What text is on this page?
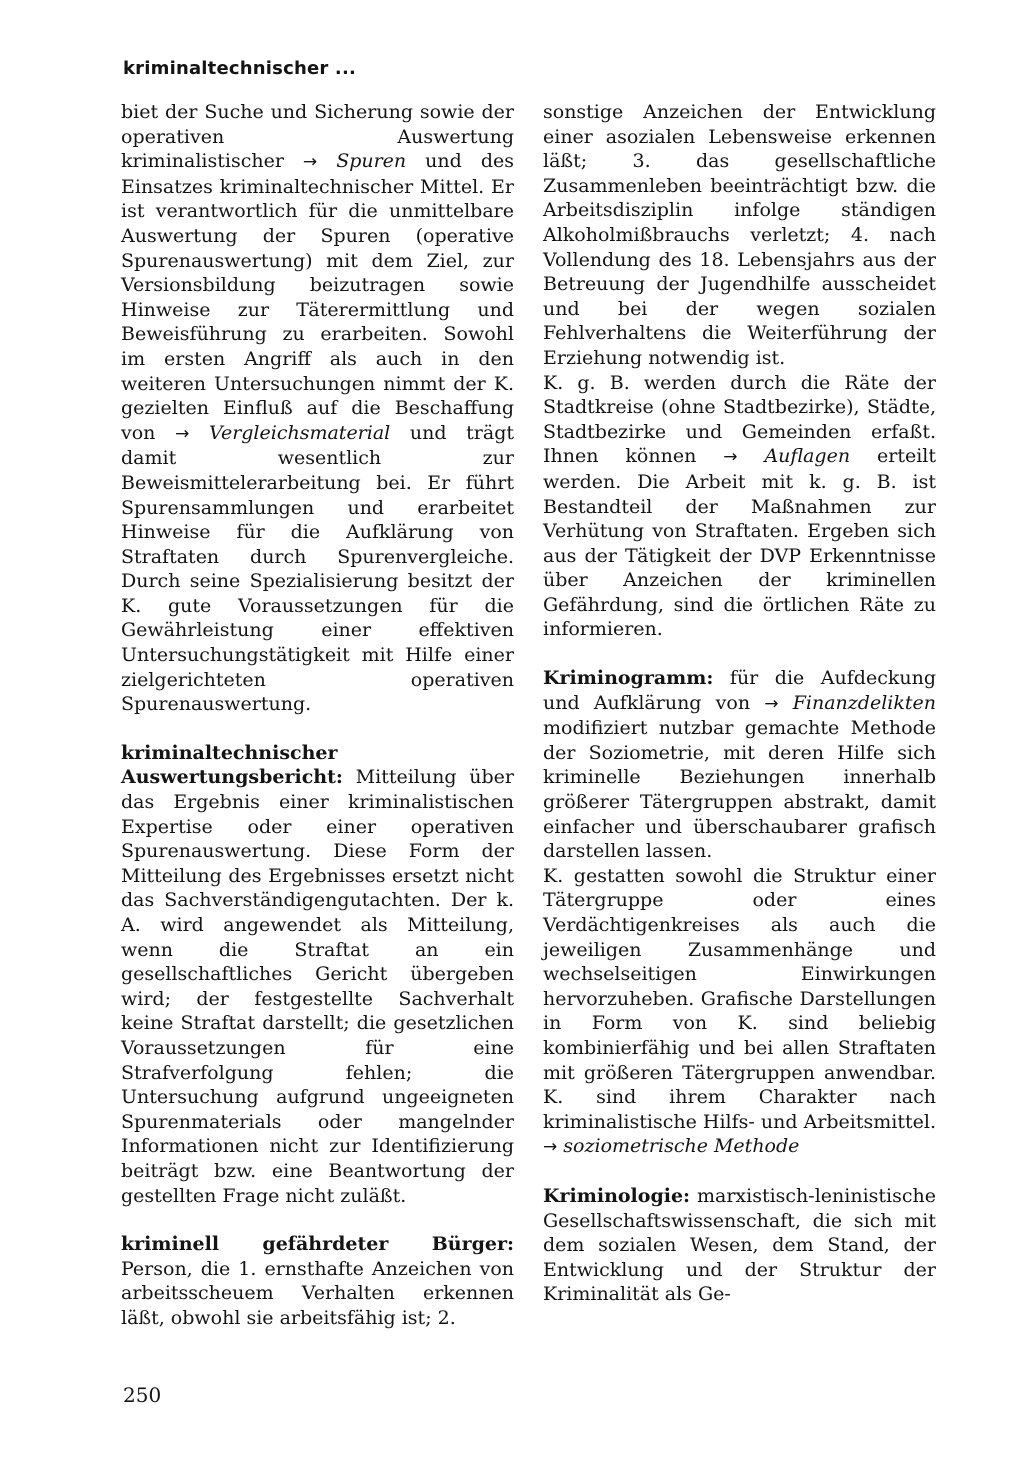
kriminaltechnischer ...

biet der Suche und Sicherung sowie der operativen Auswertung kriminalistischer → Spuren und des Einsatzes kriminaltechnischer Mittel. Er ist verantwortlich für die unmittelbare Auswertung der Spuren (operative Spurenauswertung) mit dem Ziel, zur Versionsbildung beizutragen sowie Hinweise zur Täterermittlung und Beweisführung zu erarbeiten. Sowohl im ersten Angriff als auch in den weiteren Untersuchungen nimmt der K. gezielten Einfluß auf die Beschaffung von → Vergleichsmaterial und trägt damit wesentlich zur Beweismittelerarbeitung bei. Er führt Spurensammlungen und erarbeitet Hinweise für die Aufklärung von Straftaten durch Spurenvergleiche. Durch seine Spezialisierung besitzt der K. gute Voraussetzungen für die Gewährleistung einer effektiven Untersuchungstätigkeit mit Hilfe einer zielgerichteten operativen Spurenauswertung.

kriminaltechnischer Auswertungsbericht: Mitteilung über das Ergebnis einer kriminalistischen Expertise oder einer operativen Spurenauswertung. Diese Form der Mitteilung des Ergebnisses ersetzt nicht das Sachverständigengutachten. Der k. A. wird angewendet als Mitteilung, wenn die Straftat an ein gesellschaftliches Gericht übergeben wird; der festgestellte Sachverhalt keine Straftat darstellt; die gesetzlichen Voraussetzungen für eine Strafverfolgung fehlen; die Untersuchung aufgrund ungeeigneten Spurenmaterials oder mangelnder Informationen nicht zur Identifizierung beiträgt bzw. eine Beantwortung der gestellten Frage nicht zuläßt.

kriminell gefährdeter Bürger: Person, die 1. ernsthafte Anzeichen von arbeitsscheuem Verhalten erkennen läßt, obwohl sie arbeitsfähig ist; 2.

sonstige Anzeichen der Entwicklung einer asozialen Lebensweise erkennen läßt; 3. das gesellschaftliche Zusammenleben beeinträchtigt bzw. die Arbeitsdisziplin infolge ständigen Alkoholmißbrauchs verletzt; 4. nach Vollendung des 18. Lebensjahrs aus der Betreuung der Jugendhilfe ausscheidet und bei der wegen sozialen Fehlverhaltens die Weiterführung der Erziehung notwendig ist.

K. g. B. werden durch die Räte der Stadtkreise (ohne Stadtbezirke), Städte, Stadtbezirke und Gemeinden erfaßt. Ihnen können → Auflagen erteilt werden. Die Arbeit mit k. g. B. ist Bestandteil der Maßnahmen zur Verhütung von Straftaten. Ergeben sich aus der Tätigkeit der DVP Erkenntnisse über Anzeichen der kriminellen Gefährdung, sind die örtlichen Räte zu informieren.

Kriminogramm: für die Aufdeckung und Aufklärung von → Finanzdelikten modifiziert nutzbar gemachte Methode der Soziometrie, mit deren Hilfe sich kriminelle Beziehungen innerhalb größerer Tätergruppen abstrakt, damit einfacher und überschaubarer grafisch darstellen lassen.

K. gestatten sowohl die Struktur einer Tätergruppe oder eines Verdächtigenkreises als auch die jeweiligen Zusammenhänge und wechselseitigen Einwirkungen hervorzuheben. Grafische Darstellungen in Form von K. sind beliebig kombinierfähig und bei allen Straftaten mit größeren Tätergruppen anwendbar. K. sind ihrem Charakter nach kriminalistische Hilfs- und Arbeitsmittel. → soziometrische Methode

Kriminologie: marxistisch-leninistische Gesellschaftswissenschaft, die sich mit dem sozialen Wesen, dem Stand, der Entwicklung und der Struktur der Kriminalität als Ge-

250
